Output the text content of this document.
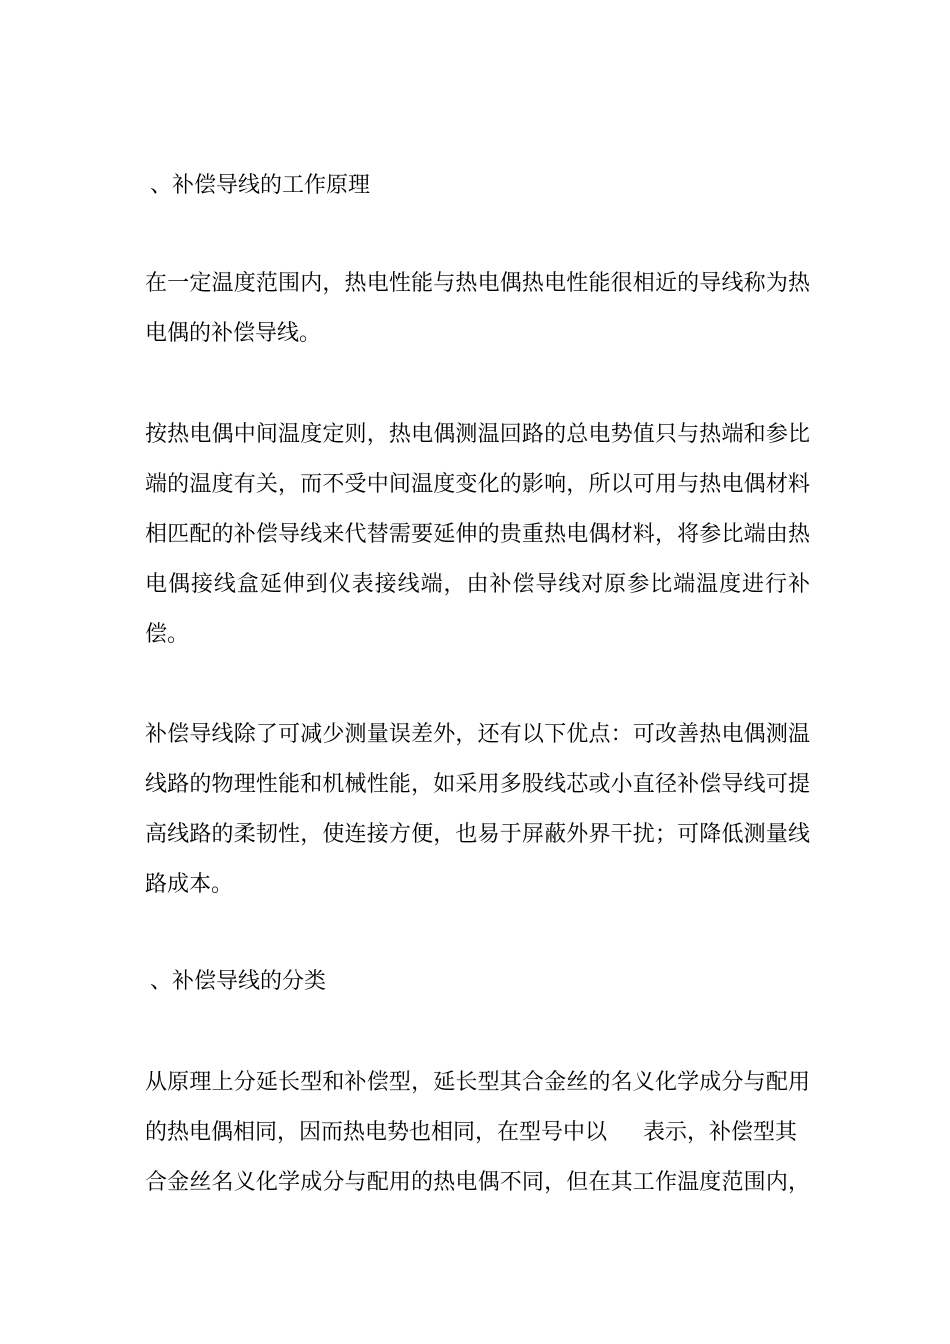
、补偿导线的工作原理
在一定温度范围内，热电性能与热电偶热电性能很相近的导线称为热
电偶的补偿导线。
按热电偶中间温度定则，热电偶测温回路的总电势值只与热端和参比
端的温度有关，而不受中间温度变化的影响，所以可用与热电偶材料
相匹配的补偿导线来代替需要延伸的贵重热电偶材料，将参比端由热
电偶接线盒延伸到仪表接线端，由补偿导线对原参比端温度进行补
偿。
补偿导线除了可减少测量误差外，还有以下优点：可改善热电偶测温
线路的物理性能和机械性能，如采用多股线芯或小直径补偿导线可提
高线路的柔韧性，使连接方便，也易于屏蔽外界干扰；可降低测量线
路成本。
、补偿导线的分类
从原理上分延长型和补偿型，延长型其合金丝的名义化学成分与配用
的热电偶相同，因而热电势也相同，在型号中以 表示，补偿型其
合金丝名义化学成分与配用的热电偶不同，但在其工作温度范围内，
